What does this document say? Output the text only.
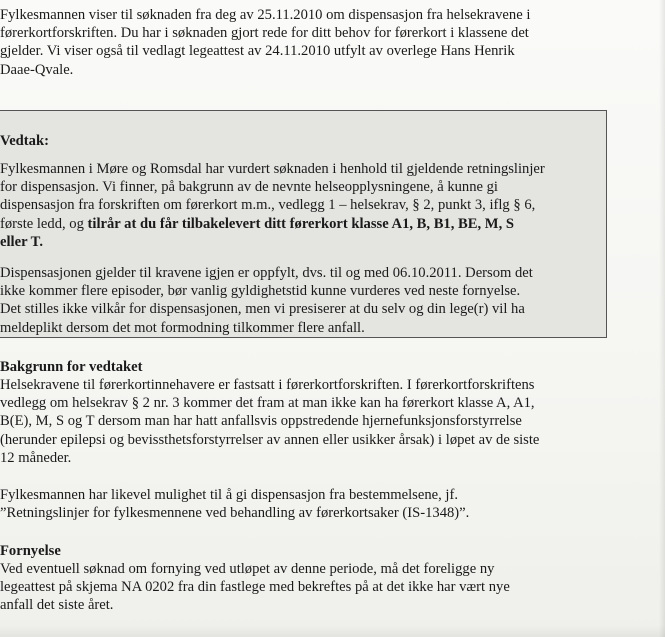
Fylkesmannen viser til søknaden fra deg av 25.11.2010 om dispensasjon fra helsekravene i
førerkortforskriften. Du har i søknaden gjort rede for ditt behov for førerkort i klassene det
gjelder. Vi viser også til vedlagt legeattest av 24.11.2010 utfylt av overlege Hans Henrik
Daae-Qvale.
Vedtak:
Fylkesmannen i Møre og Romsdal har vurdert søknaden i henhold til gjeldende retningslinjer
for dispensasjon. Vi finner, på bakgrunn av de nevnte helseopplysningene, å kunne gi
dispensasjon fra forskriften om førerkort m.m., vedlegg 1 – helsekrav, § 2, punkt 3, iflg § 6,
første ledd, og tilrår at du får tilbakelevert ditt førerkort klasse A1, B, B1, BE, M, S
eller T.
Dispensasjonen gjelder til kravene igjen er oppfylt, dvs. til og med 06.10.2011. Dersom det
ikke kommer flere episoder, bør vanlig gyldighetstid kunne vurderes ved neste fornyelse.
Det stilles ikke vilkår for dispensasjonen, men vi presiserer at du selv og din lege(r) vil ha
meldeplikt dersom det mot formodning tilkommer flere anfall.
Bakgrunn for vedtaket
Helsekravene til førerkortinnehavere er fastsatt i førerkortforskriften. I førerkortforskriftens
vedlegg om helsekrav § 2 nr. 3 kommer det fram at man ikke kan ha førerkort klasse A, A1,
B(E), M, S og T dersom man har hatt anfallsvis oppstredende hjernefunksjonsforstyrrelse
(herunder epilepsi og bevissthetsforstyrrelser av annen eller usikker årsak) i løpet av de siste
12 måneder.
Fylkesmannen har likevel mulighet til å gi dispensasjon fra bestemmelsene, jf.
”Retningslinjer for fylkesmennene ved behandling av førerkortsaker (IS-1348)”.
Fornyelse
Ved eventuell søknad om fornying ved utløpet av denne periode, må det foreligge ny
legeattest på skjema NA 0202 fra din fastlege med bekreftes på at det ikke har vært nye
anfall det siste året.
